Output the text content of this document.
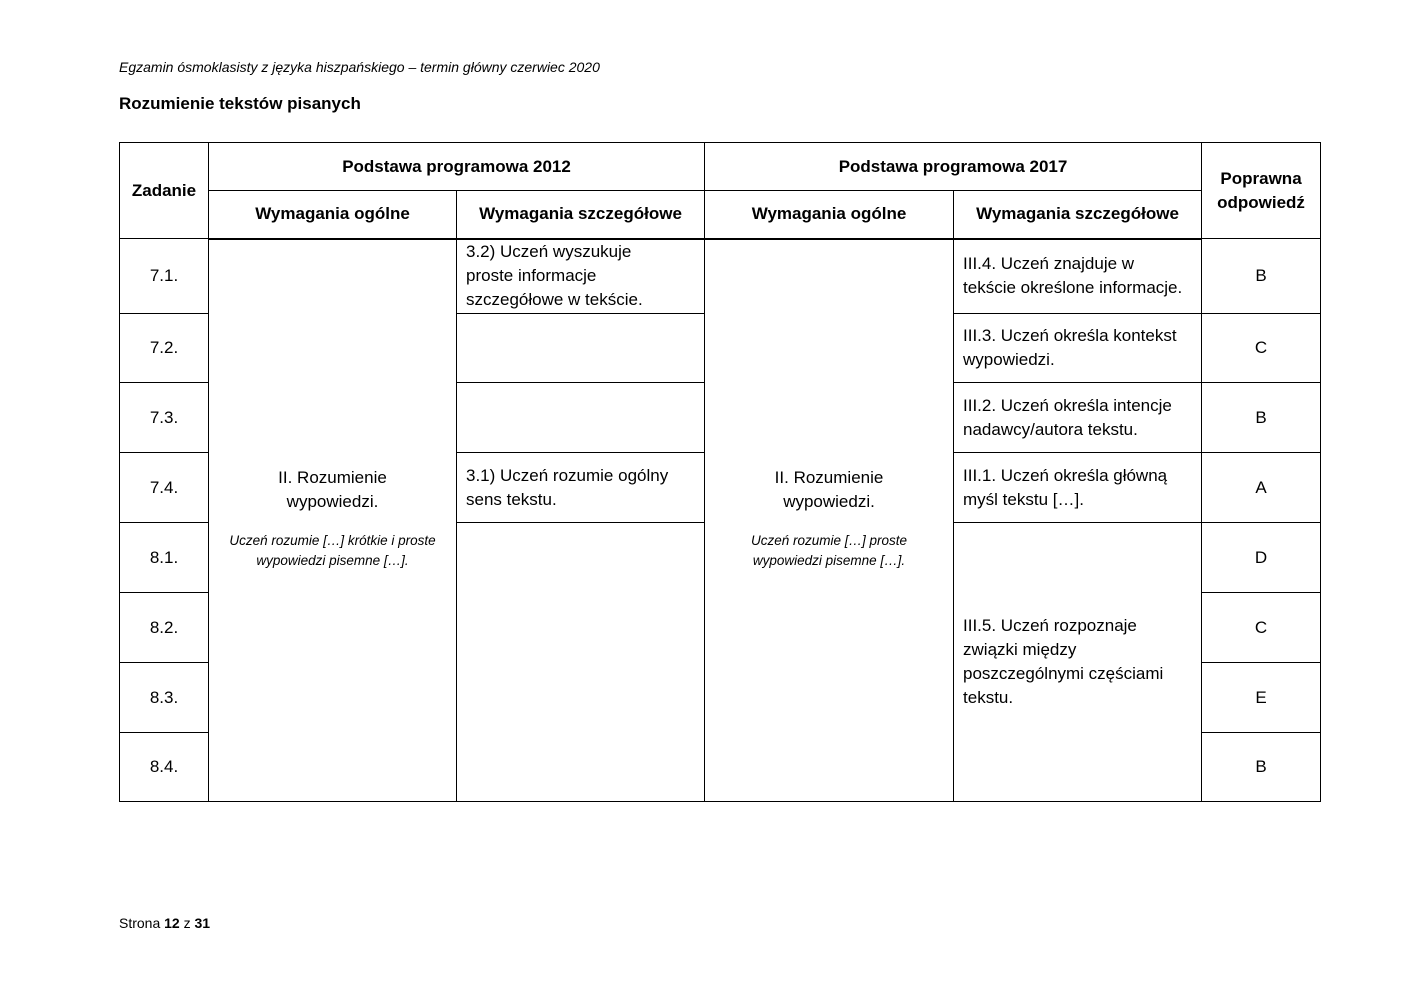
Egzamin ósmoklasisty z języka hiszpańskiego – termin główny czerwiec 2020
Rozumienie tekstów pisanych
Zadanie	Podstawa programowa 2012		Podstawa programowa 2017		Poprawna
odpowiedź
	Wymagania ogólne	Wymagania szczegółowe	Wymagania ogólne	Wymagania szczegółowe	
7.1.	II. Rozumienie
wypowiedzi.
Uczeń rozumie […] krótkie i proste
wypowiedzi pisemne […].	3.2) Uczeń wyszukuje
proste informacje
szczegółowe w tekście.	II. Rozumienie
wypowiedzi.
Uczeń rozumie […] proste
wypowiedzi pisemne […].	III.4. Uczeń znajduje w
tekście określone informacje.	B
7.2.				III.3. Uczeń określa kontekst
wypowiedzi.	C
7.3.				III.2. Uczeń określa intencje
nadawcy/autora tekstu.	B
7.4.		3.1) Uczeń rozumie ogólny
sens tekstu.		III.1. Uczeń określa główną
myśl tekstu […].	A
8.1.				III.5. Uczeń rozpoznaje
związki między
poszczególnymi częściami
tekstu.	D
8.2.					C
8.3.					E
8.4.					B
Strona 12 z 31
